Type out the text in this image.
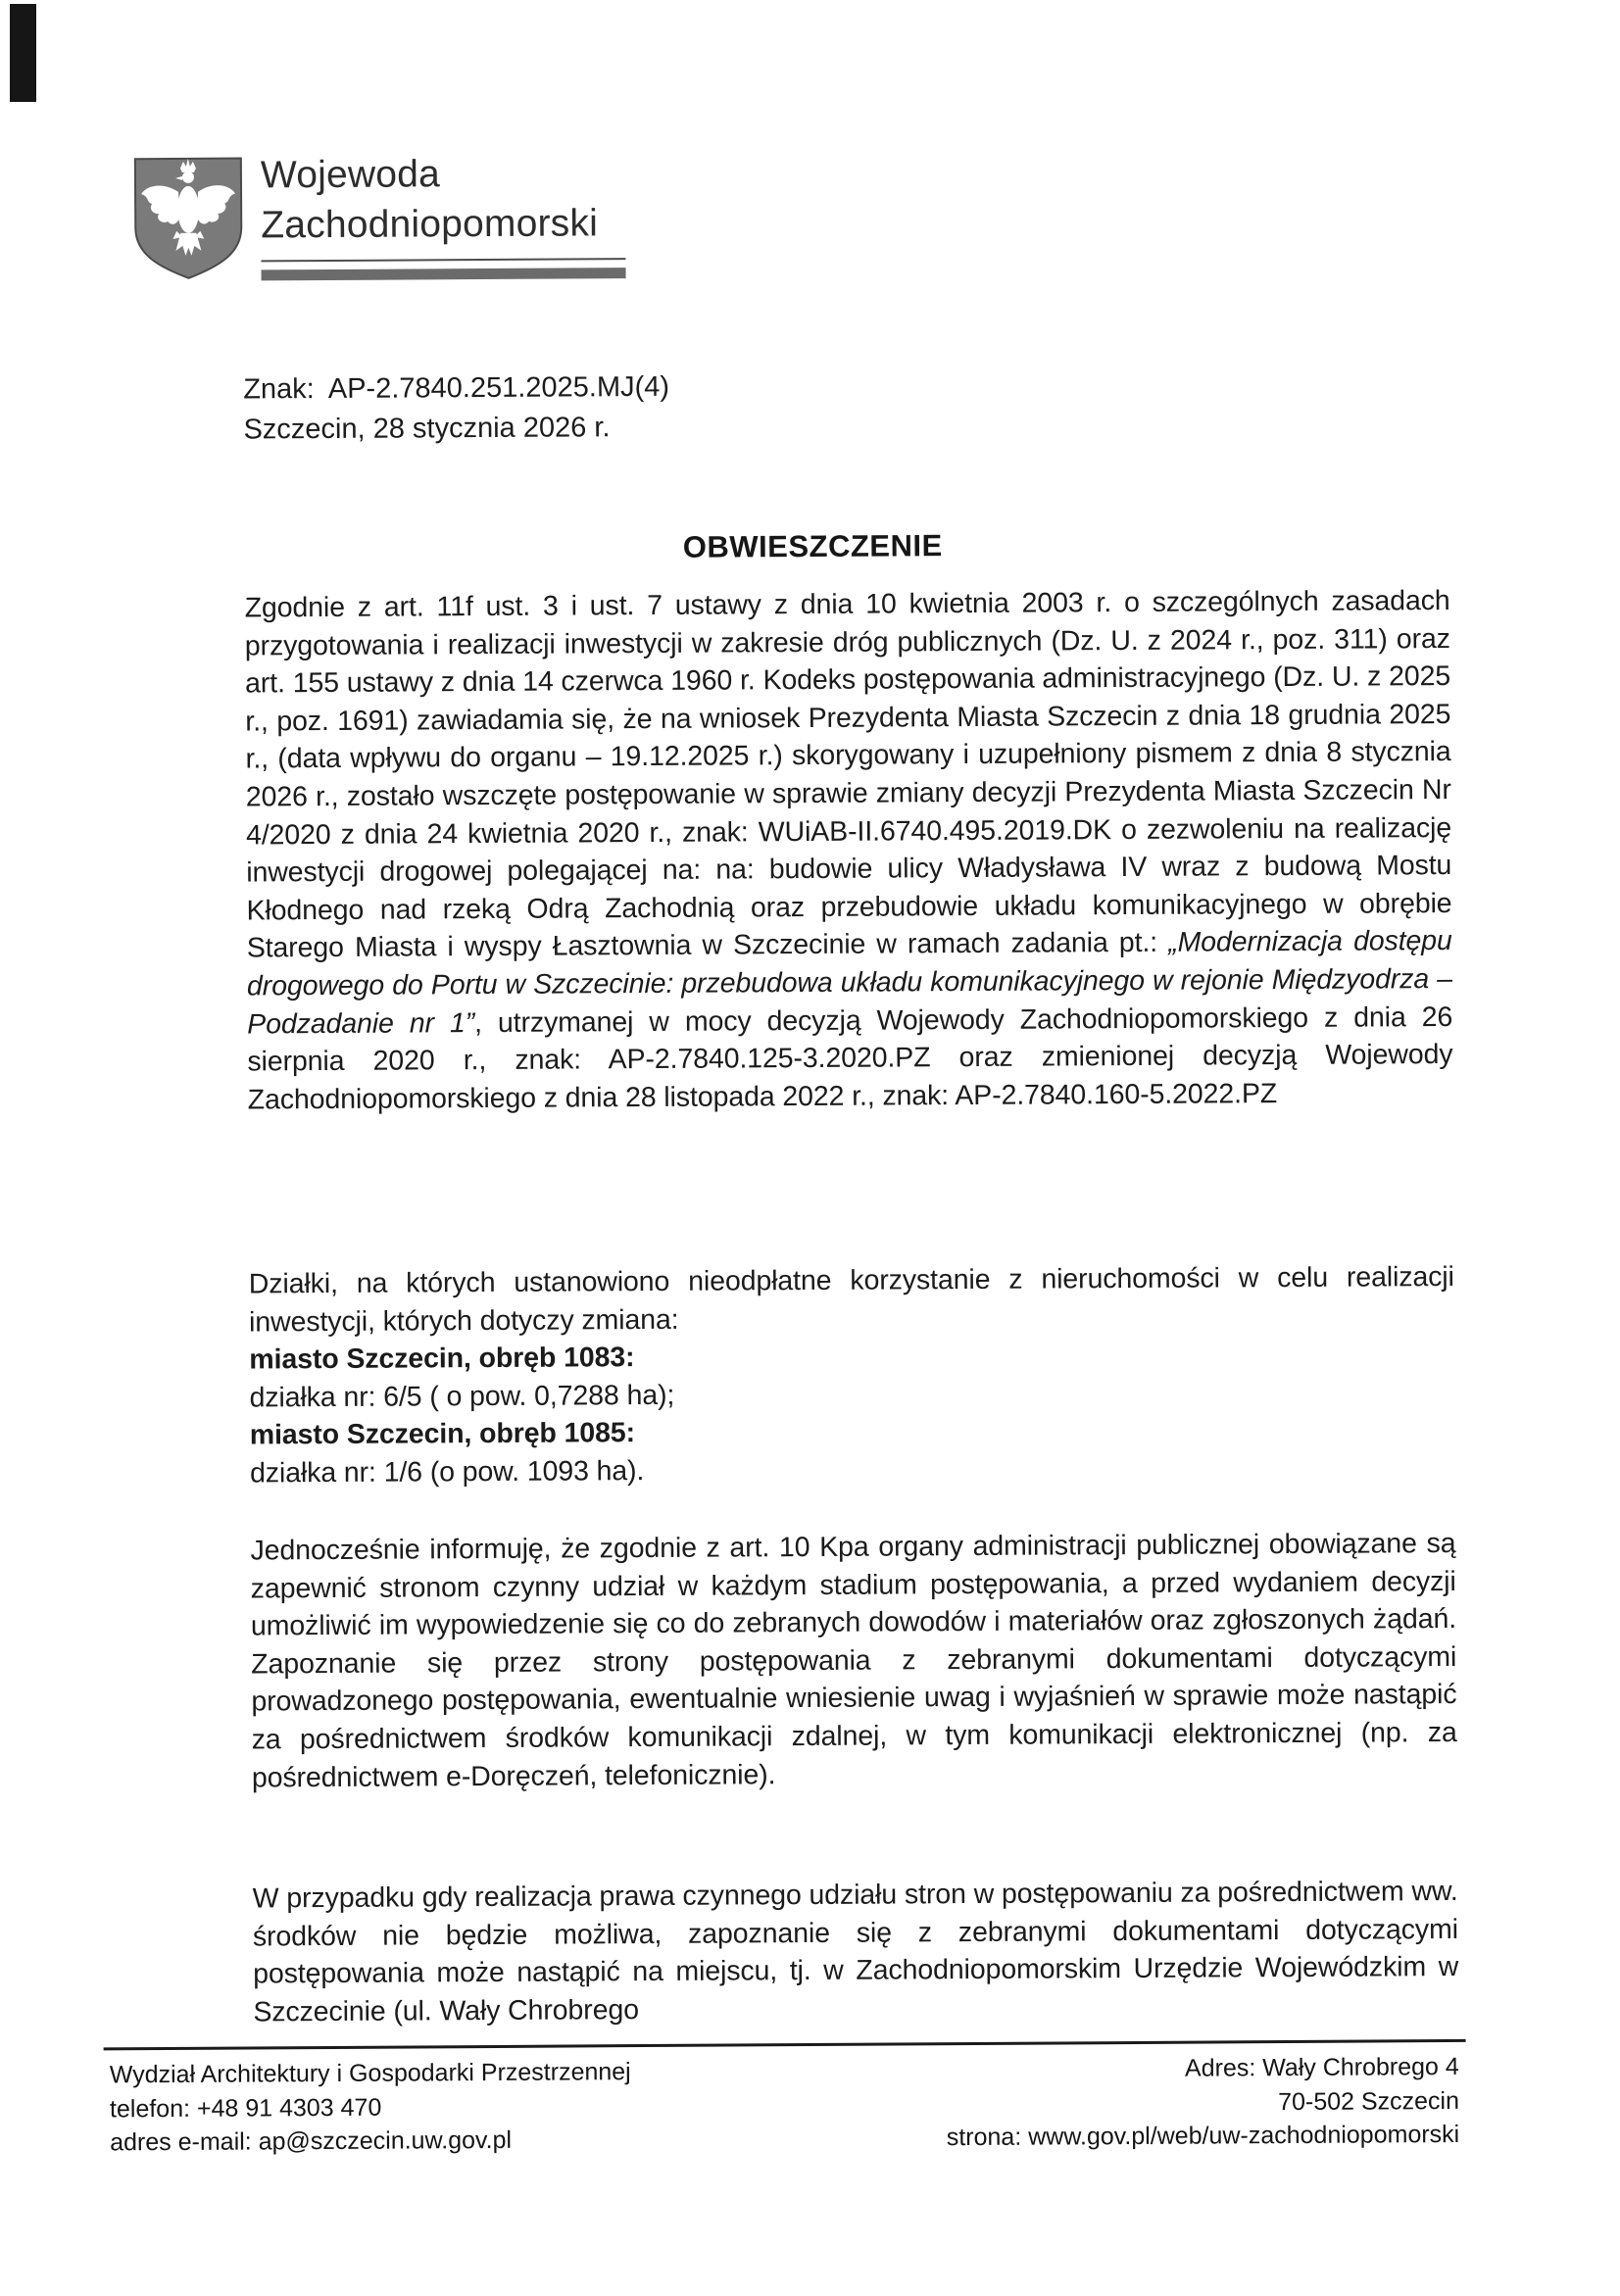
Wojewoda
Zachodniopomorski
Znak: AP-2.7840.251.2025.MJ(4)
Szczecin, 28 stycznia 2026 r.
OBWIESZCZENIE
Zgodnie z art. 11f ust. 3 i ust. 7 ustawy z dnia 10 kwietnia 2003 r. o szczególnych zasadach przygotowania i realizacji inwestycji w zakresie dróg publicznych (Dz. U. z 2024 r., poz. 311) oraz art. 155 ustawy z dnia 14 czerwca 1960 r. Kodeks postępowania administracyjnego (Dz. U. z 2025 r., poz. 1691) zawiadamia się, że na wniosek Prezydenta Miasta Szczecin z dnia 18 grudnia 2025 r., (data wpływu do organu – 19.12.2025 r.) skorygowany i uzupełniony pismem z dnia 8 stycznia 2026 r., zostało wszczęte postępowanie w sprawie zmiany decyzji Prezydenta Miasta Szczecin Nr 4/2020 z dnia 24 kwietnia 2020 r., znak: WUiAB-II.6740.495.2019.DK o zezwoleniu na realizację inwestycji drogowej polegającej na: na: budowie ulicy Władysława IV wraz z budową Mostu Kłodnego nad rzeką Odrą Zachodnią oraz przebudowie układu komunikacyjnego w obrębie Starego Miasta i wyspy Łasztownia w Szczecinie w ramach zadania pt.: „Modernizacja dostępu drogowego do Portu w Szczecinie: przebudowa układu komunikacyjnego w rejonie Międzyodrza – Podzadanie nr 1”, utrzymanej w mocy decyzją Wojewody Zachodniopomorskiego z dnia 26 sierpnia 2020 r., znak: AP-2.7840.125-3.2020.PZ oraz zmienionej decyzją Wojewody Zachodniopomorskiego z dnia 28 listopada 2022 r., znak: AP-2.7840.160-5.2022.PZ
Działki, na których ustanowiono nieodpłatne korzystanie z nieruchomości w celu realizacji inwestycji, których dotyczy zmiana:
miasto Szczecin, obręb 1083:
działka nr: 6/5 ( o pow. 0,7288 ha);
miasto Szczecin, obręb 1085:
działka nr: 1/6 (o pow. 1093 ha).
Jednocześnie informuję, że zgodnie z art. 10 Kpa organy administracji publicznej obowiązane są zapewnić stronom czynny udział w każdym stadium postępowania, a przed wydaniem decyzji umożliwić im wypowiedzenie się co do zebranych dowodów i materiałów oraz zgłoszonych żądań. Zapoznanie się przez strony postępowania z zebranymi dokumentami dotyczącymi prowadzonego postępowania, ewentualnie wniesienie uwag i wyjaśnień w sprawie może nastąpić za pośrednictwem środków komunikacji zdalnej, w tym komunikacji elektronicznej (np. za pośrednictwem e-Doręczeń, telefonicznie).
W przypadku gdy realizacja prawa czynnego udziału stron w postępowaniu za pośrednictwem ww. środków nie będzie możliwa, zapoznanie się z zebranymi dokumentami dotyczącymi postępowania może nastąpić na miejscu, tj. w Zachodniopomorskim Urzędzie Wojewódzkim w Szczecinie (ul. Wały Chrobrego
Wydział Architektury i Gospodarki Przestrzennej
telefon: +48 91 4303 470
adres e-mail: ap@szczecin.uw.gov.pl
Adres: Wały Chrobrego 4
70-502 Szczecin
strona: www.gov.pl/web/uw-zachodniopomorski
